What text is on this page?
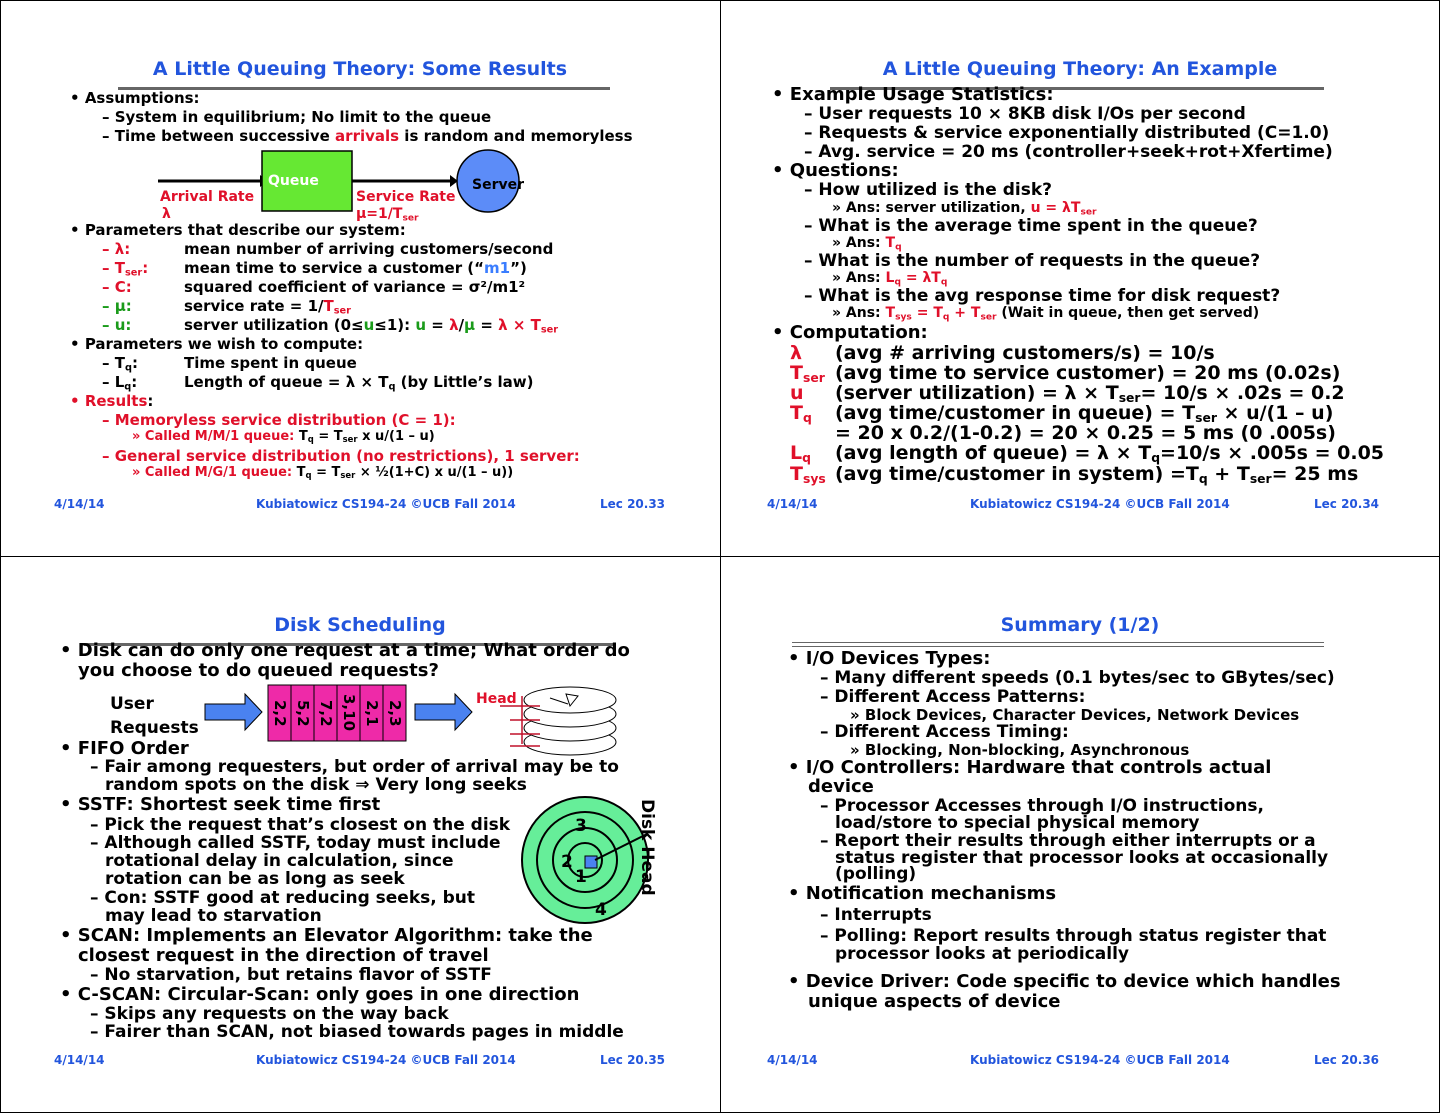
A Little Queuing Theory: Some Results
• Assumptions:
– System in equilibrium; No limit to the queue
– Time between successive arrivals is random and memoryless
Queue	Server
Arrival Rate
λ
Service Rate
$\mu=1/T_{ser}$
• Parameters that describe our system:
– λ:	mean number of arriving customers/second
– $T_{ser}$: mean time to service a customer (“m1”)
– C:	squared coefficient of variance = σ²/m1²
– μ:	service rate = $1/T_{ser}$
– u:	server utilization (0≤u≤1): $u = \lambda/\mu = \lambda \times T_{ser}$
• Parameters we wish to compute:
– $T_q$:	Time spent in queue
– $L_q$:	Length of queue = $\lambda \times T_q$ (by Little’s law)
• Results:
– Memoryless service distribution (C = 1):
» Called M/M/1 queue: $T_q = T_{ser}$ x u/(1 – u)
– General service distribution (no restrictions), 1 server:
» Called M/G/1 queue: $T_q = T_{ser}$ × ½(1+C) x u/(1 – u))
4/14/14	Kubiatowicz CS194-24 ©UCB Fall 2014	Lec 20.33
A Little Queuing Theory: An Example
• Example Usage Statistics:
– User requests 10 × 8KB disk I/Os per second
– Requests & service exponentially distributed (C=1.0)
– Avg. service = 20 ms (controller+seek+rot+Xfertime)
• Questions:
– How utilized is the disk?
» Ans: server utilization, $u = \lambda T_{ser}$
– What is the average time spent in the queue?
» Ans: $T_q$
– What is the number of requests in the queue?
» Ans: $L_q = \lambda T_q$
– What is the avg response time for disk request?
» Ans: $T_{sys} = T_q + T_{ser}$ (Wait in queue, then get served)
• Computation:
λ (avg # arriving customers/s) = 10/s
$T_{ser}$ (avg time to service customer) = 20 ms (0.02s)
u (server utilization) = $\lambda \times T_{ser}= 10/s \times .02s = 0.2$
$T_q$ (avg time/customer in queue) = $T_{ser} \times u/(1 - u)$
= 20 x 0.2/(1-0.2) = 20 × 0.25 = 5 ms (0 .005s)
$L_q$ (avg length of queue) = $\lambda \times T_q=10/s \times .005s = 0.05$
$T_{sys}$ (avg time/customer in system) $=T_q + T_{ser}= 25$ ms
4/14/14	Kubiatowicz CS194-24 ©UCB Fall 2014	Lec 20.34
Disk Scheduling
• Disk can do only one request at a time; What order do
you choose to do queued requests?
User
Requests
2,2 5,2 7,2 3,10 2,1 2,3
Head
• FIFO Order
– Fair among requesters, but order of arrival may be to
random spots on the disk ⇒ Very long seeks
• SSTF: Shortest seek time first
– Pick the request that’s closest on the disk
– Although called SSTF, today must include
rotational delay in calculation, since
rotation can be as long as seek
– Con: SSTF good at reducing seeks, but
may lead to starvation
3
2
1
4
Disk Head
• SCAN: Implements an Elevator Algorithm: take the
closest request in the direction of travel
– No starvation, but retains flavor of SSTF
• C-SCAN: Circular-Scan: only goes in one direction
– Skips any requests on the way back
– Fairer than SCAN, not biased towards pages in middle
4/14/14	Kubiatowicz CS194-24 ©UCB Fall 2014	Lec 20.35
Summary (1/2)
• I/O Devices Types:
– Many different speeds (0.1 bytes/sec to GBytes/sec)
– Different Access Patterns:
» Block Devices, Character Devices, Network Devices
– Different Access Timing:
» Blocking, Non-blocking, Asynchronous
• I/O Controllers: Hardware that controls actual
device
– Processor Accesses through I/O instructions,
load/store to special physical memory
– Report their results through either interrupts or a
status register that processor looks at occasionally
(polling)
• Notification mechanisms
– Interrupts
– Polling: Report results through status register that
processor looks at periodically
• Device Driver: Code specific to device which handles
unique aspects of device
4/14/14	Kubiatowicz CS194-24 ©UCB Fall 2014	Lec 20.36
